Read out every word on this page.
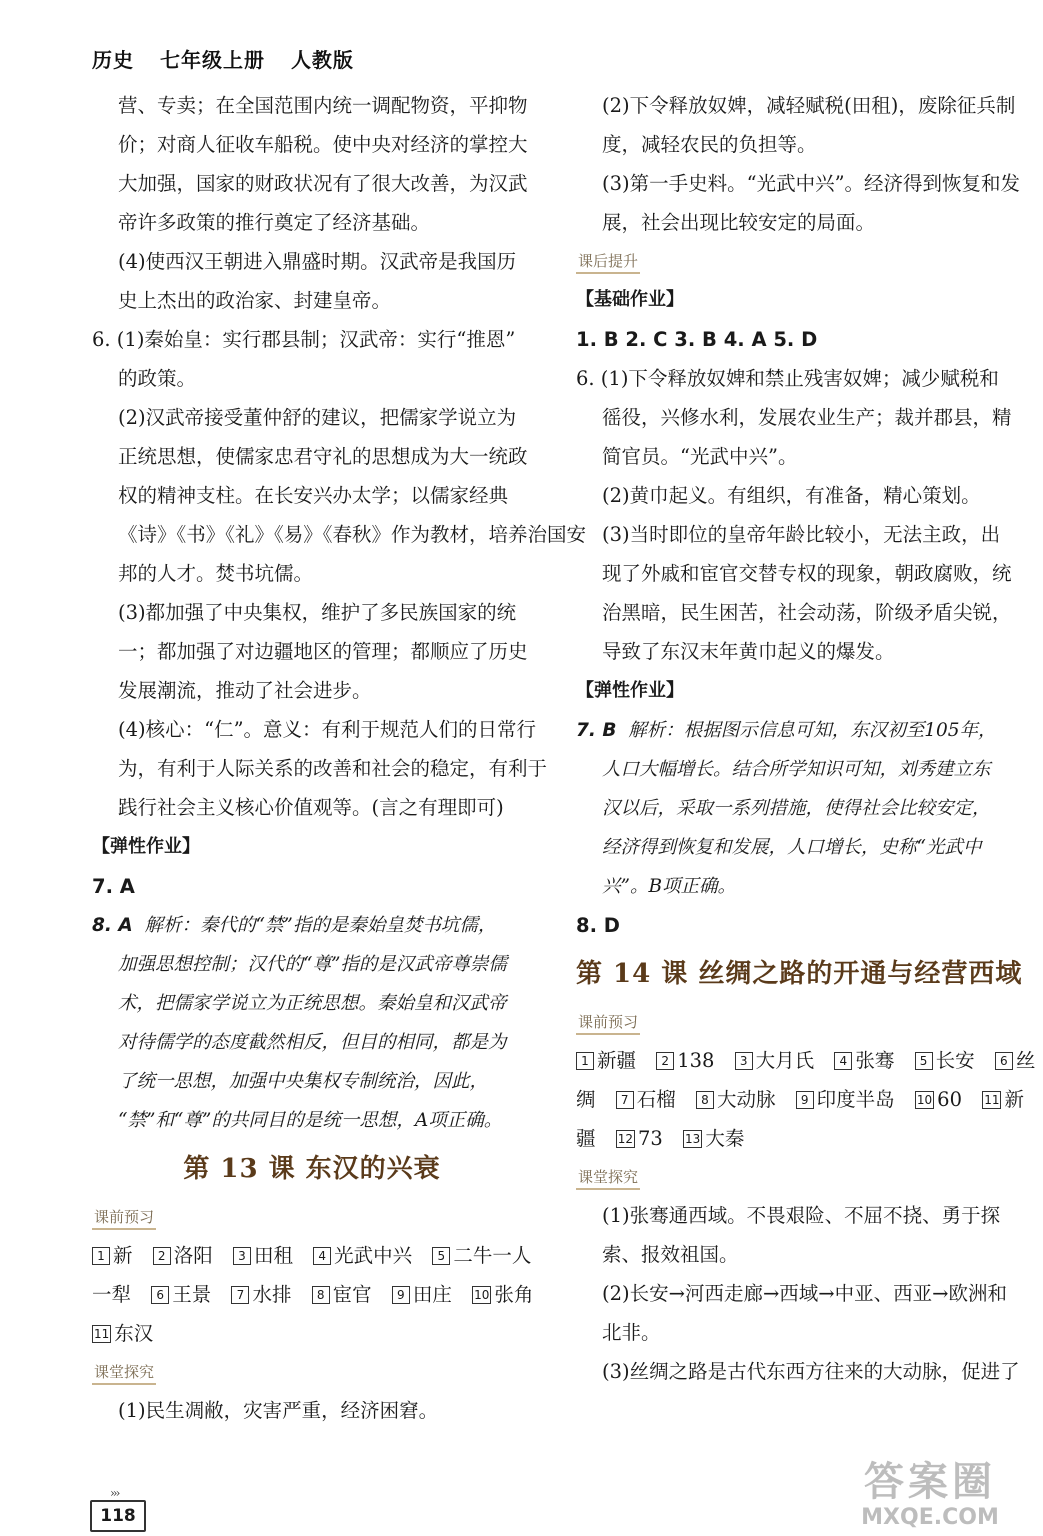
历史 七年级上册 人教版
营、专卖；在全国范围内统一调配物资，平抑物
价；对商人征收车船税。使中央对经济的掌控大
大加强，国家的财政状况有了很大改善，为汉武
帝许多政策的推行奠定了经济基础。
(4)使西汉王朝进入鼎盛时期。汉武帝是我国历
史上杰出的政治家、封建皇帝。
6. (1)秦始皇：实行郡县制；汉武帝：实行“推恩”
的政策。
(2)汉武帝接受董仲舒的建议，把儒家学说立为
正统思想，使儒家忠君守礼的思想成为大一统政
权的精神支柱。在长安兴办太学；以儒家经典
《诗》《书》《礼》《易》《春秋》作为教材，培养治国安
邦的人才。焚书坑儒。
(3)都加强了中央集权，维护了多民族国家的统
一；都加强了对边疆地区的管理；都顺应了历史
发展潮流，推动了社会进步。
(4)核心：“仁”。意义：有利于规范人们的日常行
为，有利于人际关系的改善和社会的稳定，有利于
践行社会主义核心价值观等。(言之有理即可)
【弹性作业】
7. A
8. A 解析：秦代的“禁”指的是秦始皇焚书坑儒，
加强思想控制；汉代的“尊”指的是汉武帝尊崇儒
术，把儒家学说立为正统思想。秦始皇和汉武帝
对待儒学的态度截然相反，但目的相同，都是为
了统一思想，加强中央集权专制统治，因此，
“禁”和“尊”的共同目的是统一思想，A项正确。
第 13 课 东汉的兴衰
课前预习
1 新 2 洛阳 3 田租 4 光武中兴 5 二牛一人
一犁 6 王景 7 水排 8 宦官 9 田庄 10 张角
11 东汉
课堂探究
(1)民生凋敝，灾害严重，经济困窘。
(2)下令释放奴婢，减轻赋税(田租)，废除征兵制
度，减轻农民的负担等。
(3)第一手史料。“光武中兴”。经济得到恢复和发
展，社会出现比较安定的局面。
课后提升
【基础作业】
1. B 2. C 3. B 4. A 5. D
6. (1)下令释放奴婢和禁止残害奴婢；减少赋税和
徭役，兴修水利，发展农业生产；裁并郡县，精
简官员。“光武中兴”。
(2)黄巾起义。有组织，有准备，精心策划。
(3)当时即位的皇帝年龄比较小，无法主政，出
现了外戚和宦官交替专权的现象，朝政腐败，统
治黑暗，民生困苦，社会动荡，阶级矛盾尖锐，
导致了东汉末年黄巾起义的爆发。
【弹性作业】
7. B 解析：根据图示信息可知，东汉初至105年，
人口大幅增长。结合所学知识可知，刘秀建立东
汉以后，采取一系列措施，使得社会比较安定，
经济得到恢复和发展，人口增长，史称“光武中
兴”。B项正确。
8. D
第 14 课 丝绸之路的开通与经营西域
课前预习
1 新疆 2 138 3 大月氏 4 张骞 5 长安 6 丝
绸 7 石榴 8 大动脉 9 印度半岛 10 60 11 新
疆 12 73 13 大秦
课堂探究
(1)张骞通西域。不畏艰险、不屈不挠、勇于探
索、报效祖国。
(2)长安→河西走廊→西域→中亚、西亚→欧洲和
北非。
(3)丝绸之路是古代东西方往来的大动脉，促进了
›››
118
答案圈
MXQE.COM
